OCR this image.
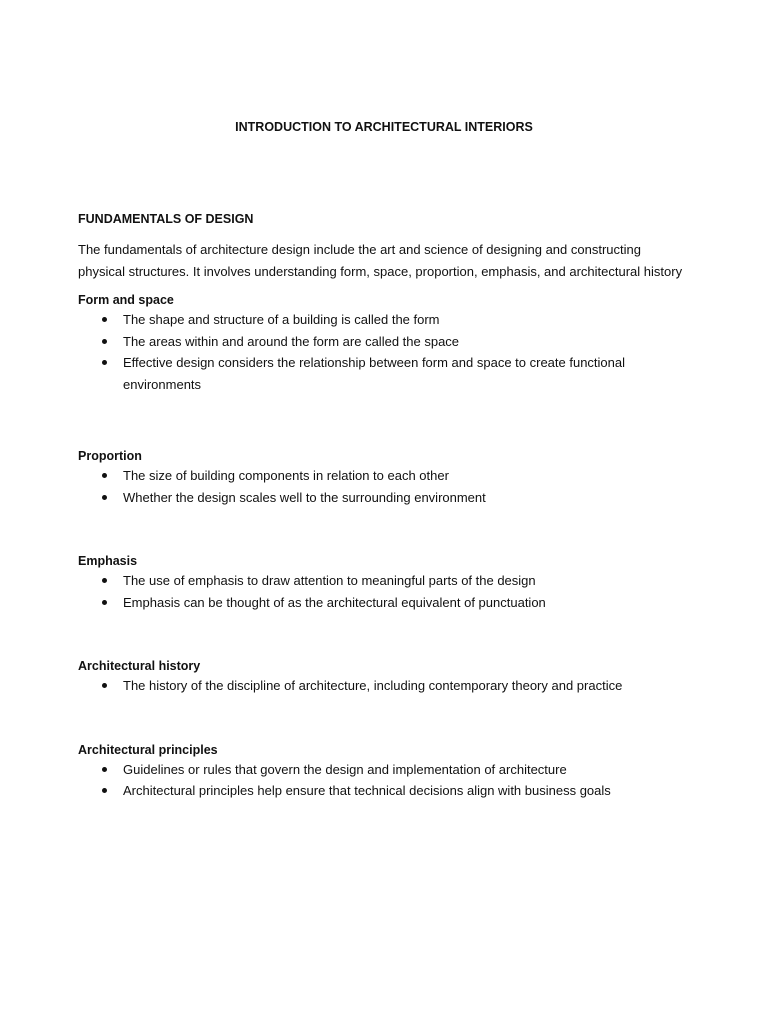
INTRODUCTION TO ARCHITECTURAL INTERIORS
FUNDAMENTALS OF DESIGN

The fundamentals of architecture design include the art and science of designing and constructing physical structures. It involves understanding form, space, proportion, emphasis, and architectural history

Form and space
The shape and structure of a building is called the form
The areas within and around the form are called the space
Effective design considers the relationship between form and space to create functional environments
Proportion
The size of building components in relation to each other
Whether the design scales well to the surrounding environment
Emphasis
The use of emphasis to draw attention to meaningful parts of the design
Emphasis can be thought of as the architectural equivalent of punctuation
Architectural history
The history of the discipline of architecture, including contemporary theory and practice
Architectural principles
Guidelines or rules that govern the design and implementation of architecture
Architectural principles help ensure that technical decisions align with business goals
